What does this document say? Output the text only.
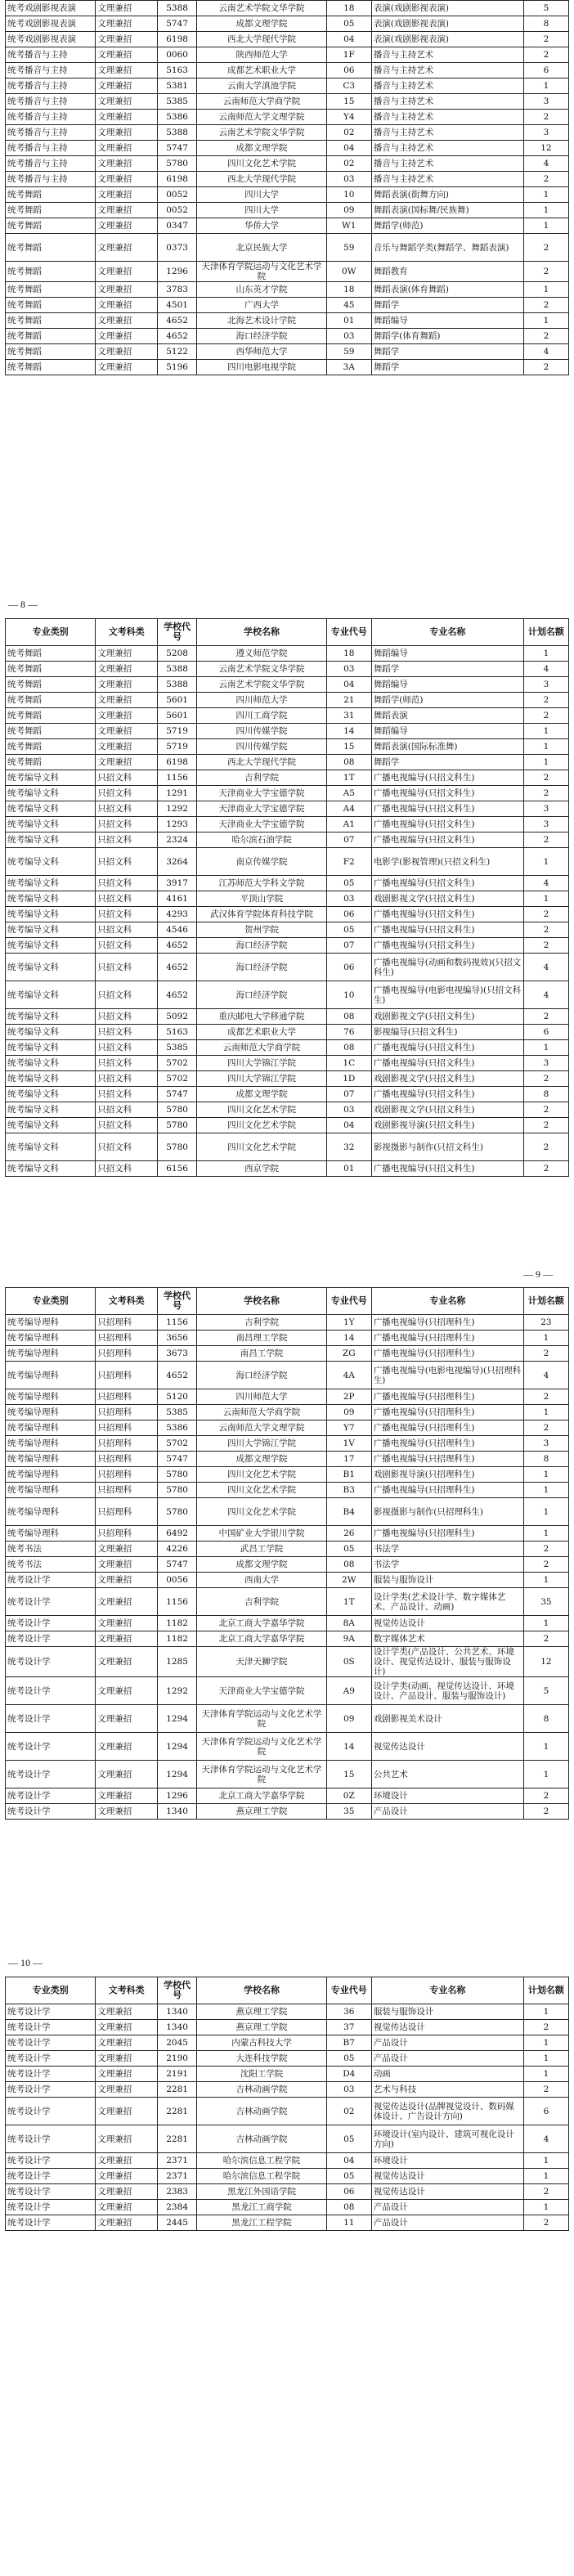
统考戏剧影视表演	文理兼招	5388	云南艺术学院文华学院	18	表演(戏剧影视表演)	5
统考戏剧影视表演	文理兼招	5747	成都文理学院	05	表演(戏剧影视表演)	8
统考戏剧影视表演	文理兼招	6198	西北大学现代学院	04	表演(戏剧影视表演)	2
统考播音与主持	文理兼招	0060	陕西师范大学	1F	播音与主持艺术	2
统考播音与主持	文理兼招	5163	成都艺术职业大学	06	播音与主持艺术	6
统考播音与主持	文理兼招	5381	云南大学滇池学院	C3	播音与主持艺术	1
统考播音与主持	文理兼招	5385	云南师范大学商学院	15	播音与主持艺术	3
统考播音与主持	文理兼招	5386	云南师范大学文理学院	Y4	播音与主持艺术	2
统考播音与主持	文理兼招	5388	云南艺术学院文华学院	02	播音与主持艺术	3
统考播音与主持	文理兼招	5747	成都文理学院	04	播音与主持艺术	12
统考播音与主持	文理兼招	5780	四川文化艺术学院	02	播音与主持艺术	4
统考播音与主持	文理兼招	6198	西北大学现代学院	03	播音与主持艺术	2
统考舞蹈	文理兼招	0052	四川大学	10	舞蹈表演(街舞方向)	1
统考舞蹈	文理兼招	0052	四川大学	09	舞蹈表演(国标舞/民族舞)	1
统考舞蹈	文理兼招	0347	华侨大学	W1	舞蹈学(师范)	1
统考舞蹈	文理兼招	0373	北京民族大学	59	音乐与舞蹈学类(舞蹈学、舞蹈表演)	2
统考舞蹈	文理兼招	1296	天津体育学院运动与文化艺术学院	0W	舞蹈教育	2
统考舞蹈	文理兼招	3783	山东英才学院	18	舞蹈表演(体育舞蹈)	1
统考舞蹈	文理兼招	4501	广西大学	45	舞蹈学	2
统考舞蹈	文理兼招	4652	北海艺术设计学院	01	舞蹈编导	1
统考舞蹈	文理兼招	4652	海口经济学院	03	舞蹈学(体育舞蹈)	2
统考舞蹈	文理兼招	5122	西华师范大学	59	舞蹈学	4
统考舞蹈	文理兼招	5196	四川电影电视学院	3A	舞蹈学	2
— 8 —
专业类别	文考科类	学校代号	学校名称	专业代号	专业名称	计划名额
统考舞蹈	文理兼招	5208	遵义师范学院	18	舞蹈编导	1
统考舞蹈	文理兼招	5388	云南艺术学院文华学院	03	舞蹈学	4
统考舞蹈	文理兼招	5388	云南艺术学院文华学院	04	舞蹈编导	3
统考舞蹈	文理兼招	5601	四川师范大学	21	舞蹈学(师范)	2
统考舞蹈	文理兼招	5601	四川工商学院	31	舞蹈表演	2
统考舞蹈	文理兼招	5719	四川传媒学院	14	舞蹈编导	1
统考舞蹈	文理兼招	5719	四川传媒学院	15	舞蹈表演(国际标准舞)	1
统考舞蹈	文理兼招	6198	西北大学现代学院	08	舞蹈学	1
统考编导文科	只招文科	1156	吉利学院	1T	广播电视编导(只招文科生)	2
统考编导文科	只招文科	1291	天津商业大学宝德学院	A5	广播电视编导(只招文科生)	2
统考编导文科	只招文科	1292	天津商业大学宝德学院	A4	广播电视编导(只招文科生)	3
统考编导文科	只招文科	1293	天津商业大学宝德学院	A1	广播电视编导(只招文科生)	3
统考编导文科	只招文科	2324	哈尔滨石油学院	07	广播电视编导(只招文科生)	2
统考编导文科	只招文科	3264	南京传媒学院	F2	电影学(影视管理)(只招文科生)	1
统考编导文科	只招文科	3917	江苏师范大学科文学院	05	广播电视编导(只招文科生)	4
统考编导文科	只招文科	4161	平顶山学院	03	戏剧影视文学(只招文科生)	1
统考编导文科	只招文科	4293	武汉体育学院体育科技学院	06	广播电视编导(只招文科生)	2
统考编导文科	只招文科	4546	贺州学院	05	广播电视编导(只招文科生)	2
统考编导文科	只招文科	4652	海口经济学院	07	广播电视编导(只招文科生)	2
统考编导文科	只招文科	4652	海口经济学院	06	广播电视编导(动画和数码视效)(只招文科生)	4
统考编导文科	只招文科	4652	海口经济学院	10	广播电视编导(电影电视编导)(只招文科生)	4
统考编导文科	只招文科	5092	重庆邮电大学移通学院	08	戏剧影视文学(只招文科生)	2
统考编导文科	只招文科	5163	成都艺术职业大学	76	影视编导(只招文科生)	6
统考编导文科	只招文科	5385	云南师范大学商学院	08	广播电视编导(只招文科生)	1
统考编导文科	只招文科	5702	四川大学锦江学院	1C	广播电视编导(只招文科生)	3
统考编导文科	只招文科	5702	四川大学锦江学院	1D	戏剧影视文学(只招文科生)	2
统考编导文科	只招文科	5747	成都文理学院	07	广播电视编导(只招文科生)	8
统考编导文科	只招文科	5780	四川文化艺术学院	03	戏剧影视文学(只招文科生)	2
统考编导文科	只招文科	5780	四川文化艺术学院	04	戏剧影视导演(只招文科生)	2
统考编导文科	只招文科	5780	四川文化艺术学院	32	影视摄影与制作(只招文科生)	2
统考编导文科	只招文科	6156	西京学院	01	广播电视编导(只招文科生)	2
— 9 —
专业类别	文考科类	学校代号	学校名称	专业代号	专业名称	计划名额
统考编导理科	只招理科	1156	吉利学院	1Y	广播电视编导(只招理科生)	23
统考编导理科	只招理科	3656	南昌理工学院	14	广播电视编导(只招理科生)	1
统考编导理科	只招理科	3673	南昌工学院	ZG	广播电视编导(只招理科生)	2
统考编导理科	只招理科	4652	海口经济学院	4A	广播电视编导(电影电视编导)(只招理科生)	4
统考编导理科	只招理科	5120	四川师范大学	2P	广播电视编导(只招理科生)	2
统考编导理科	只招理科	5385	云南师范大学商学院	09	广播电视编导(只招理科生)	1
统考编导理科	只招理科	5386	云南师范大学文理学院	Y7	广播电视编导(只招理科生)	2
统考编导理科	只招理科	5702	四川大学锦江学院	1V	广播电视编导(只招理科生)	3
统考编导理科	只招理科	5747	成都文理学院	17	广播电视编导(只招理科生)	8
统考编导理科	只招理科	5780	四川文化艺术学院	B1	戏剧影视导演(只招理科生)	1
统考编导理科	只招理科	5780	四川文化艺术学院	B3	广播电视编导(只招理科生)	1
统考编导理科	只招理科	5780	四川文化艺术学院	B4	影视摄影与制作(只招理科生)	1
统考编导理科	只招理科	6492	中国矿业大学银川学院	26	广播电视编导(只招理科生)	1
统考书法	文理兼招	4226	武昌工学院	05	书法学	2
统考书法	文理兼招	5747	成都文理学院	08	书法学	2
统考设计学	文理兼招	0056	西南大学	2W	服装与服饰设计	1
统考设计学	文理兼招	1156	吉利学院	1T	设计学类(艺术设计学、数字媒体艺术、产品设计、动画)	35
统考设计学	文理兼招	1182	北京工商大学嘉华学院	8A	视觉传达设计	1
统考设计学	文理兼招	1182	北京工商大学嘉华学院	9A	数字媒体艺术	2
统考设计学	文理兼招	1285	天津天狮学院	0S	设计学类(产品设计、公共艺术、环境设计、视觉传达设计、服装与服饰设计)	12
统考设计学	文理兼招	1292	天津商业大学宝德学院	A9	设计学类(动画、视觉传达设计、环境设计、产品设计、服装与服饰设计)	5
统考设计学	文理兼招	1294	天津体育学院运动与文化艺术学院	09	戏剧影视美术设计	8
统考设计学	文理兼招	1294	天津体育学院运动与文化艺术学院	14	视觉传达设计	1
统考设计学	文理兼招	1294	天津体育学院运动与文化艺术学院	15	公共艺术	1
统考设计学	文理兼招	1296	北京工商大学嘉华学院	0Z	环境设计	2
统考设计学	文理兼招	1340	燕京理工学院	35	产品设计	2
— 10 —
专业类别	文考科类	学校代号	学校名称	专业代号	专业名称	计划名额
统考设计学	文理兼招	1340	燕京理工学院	36	服装与服饰设计	1
统考设计学	文理兼招	1340	燕京理工学院	37	视觉传达设计	2
统考设计学	文理兼招	2045	内蒙古科技大学	B7	产品设计	1
统考设计学	文理兼招	2190	大连科技学院	05	产品设计	1
统考设计学	文理兼招	2191	沈阳工学院	D4	动画	1
统考设计学	文理兼招	2281	吉林动画学院	03	艺术与科技	2
统考设计学	文理兼招	2281	吉林动画学院	02	视觉传达设计(品牌视觉设计、数码媒体设计、广告设计方向)	6
统考设计学	文理兼招	2281	吉林动画学院	05	环境设计(室内设计、建筑可视化设计方向)	4
统考设计学	文理兼招	2371	哈尔滨信息工程学院	04	环境设计	1
统考设计学	文理兼招	2371	哈尔滨信息工程学院	05	视觉传达设计	1
统考设计学	文理兼招	2383	黑龙江外国语学院	06	视觉传达设计	2
统考设计学	文理兼招	2384	黑龙江工商学院	08	产品设计	1
统考设计学	文理兼招	2445	黑龙江工程学院	11	产品设计	2
